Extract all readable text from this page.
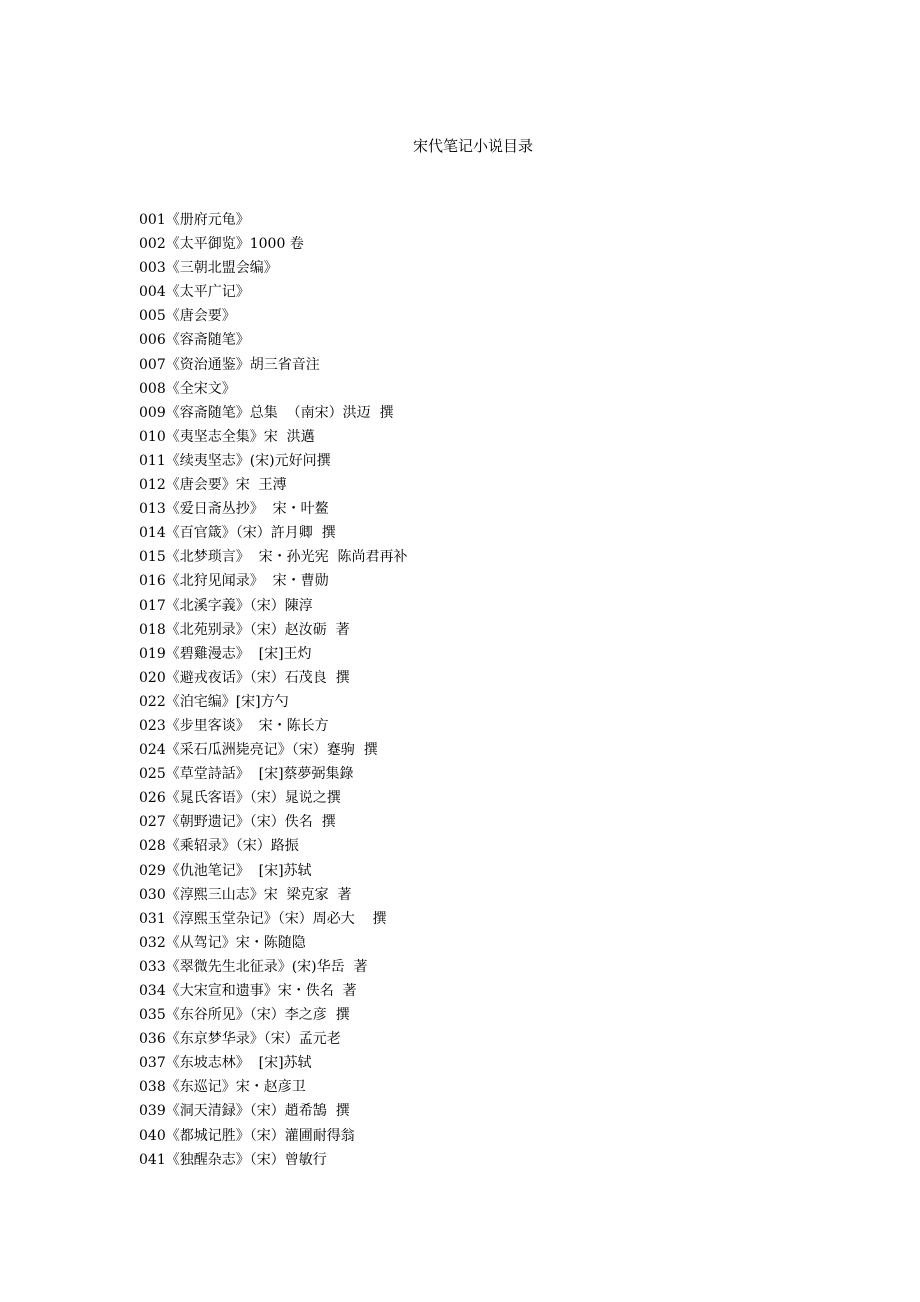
宋代笔记小说目录
001《册府元龟》
002《太平御览》1000 卷
003《三朝北盟会编》
004《太平广记》
005《唐会要》
006《容斋随笔》
007《资治通鉴》胡三省音注
008《全宋文》
009《容斋随笔》总集  （南宋）洪迈  撰
010《夷坚志全集》宋  洪邁
011《续夷坚志》(宋)元好问撰
012《唐会要》宋  王溥
013《爱日斋丛抄》  宋・叶鳌
014《百官箴》（宋）許月卿  撰
015《北梦琐言》  宋・孙光宪  陈尚君再补
016《北狩见闻录》  宋・曹勋
017《北溪字義》（宋）陳淳
018《北苑别录》（宋）赵汝砺  著
019《碧雞漫志》  [宋]王灼
020《避戎夜话》（宋）石茂良  撰
022《泊宅编》[宋]方勺
023《步里客谈》  宋・陈长方
024《采石瓜洲毙亮记》（宋）蹇驹  撰
025《草堂詩話》  [宋]蔡夢弼集錄
026《晁氏客语》（宋）晁说之撰
027《朝野遗记》（宋）佚名  撰
028《乘轺录》（宋）路振
029《仇池笔记》  [宋]苏轼
030《淳熙三山志》宋  梁克家  著
031《淳熙玉堂杂记》（宋）周必大    撰
032《从驾记》宋・陈随隐
033《翠微先生北征录》(宋)华岳  著
034《大宋宣和遗事》宋・佚名  著
035《东谷所见》（宋）李之彦  撰
036《东京梦华录》（宋）孟元老
037《东坡志林》  [宋]苏轼
038《东巡记》宋・赵彦卫
039《洞天清録》（宋）趙希鵠  撰
040《都城记胜》（宋）灌圃耐得翁
041《独醒杂志》（宋）曾敏行
